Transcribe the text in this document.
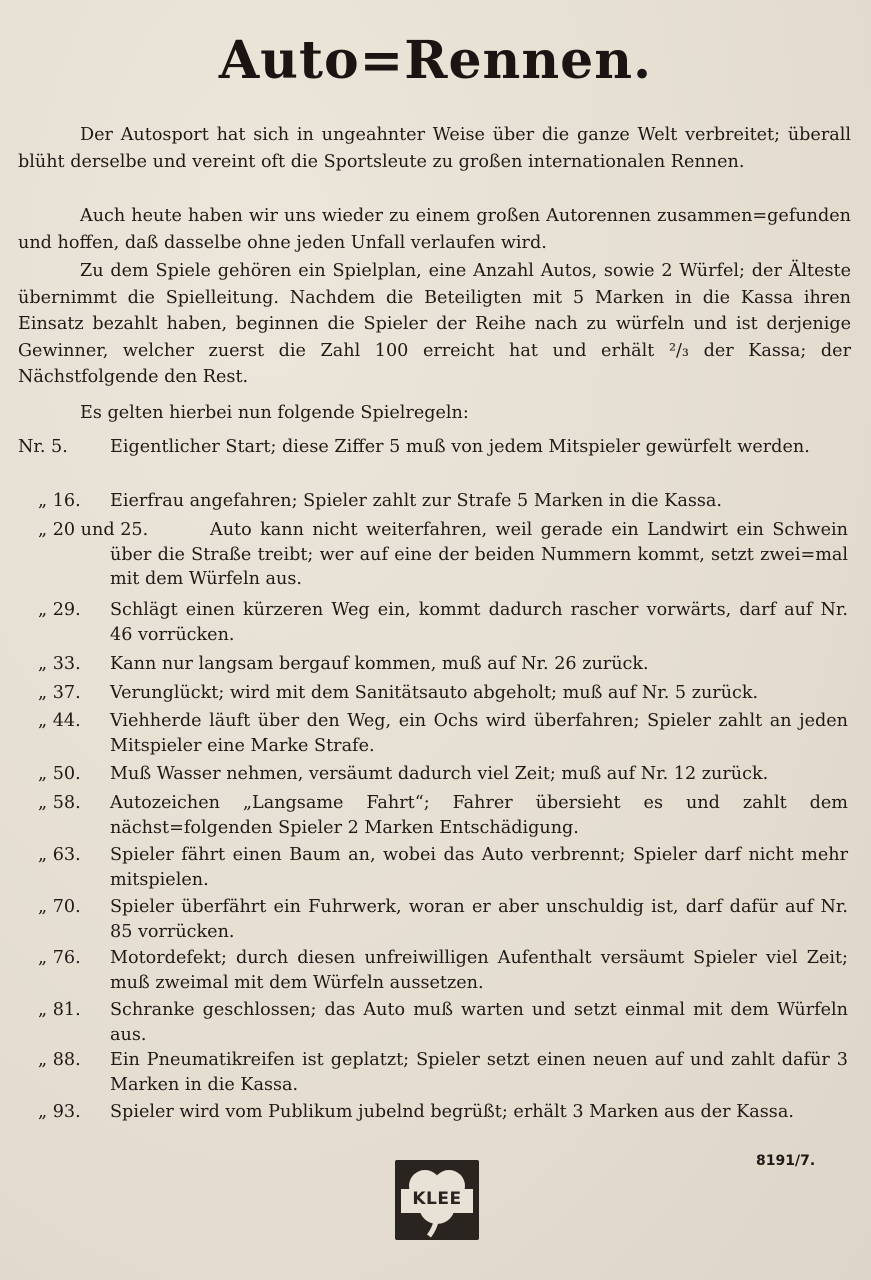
Auto=Rennen.
Der Autosport hat sich in ungeahnter Weise über die ganze Welt verbreitet; überall blüht derselbe und vereint oft die Sportsleute zu großen internationalen Rennen.
Auch heute haben wir uns wieder zu einem großen Autorennen zusammen=gefunden und hoffen, daß dasselbe ohne jeden Unfall verlaufen wird.
Zu dem Spiele gehören ein Spielplan, eine Anzahl Autos, sowie 2 Würfel; der Älteste übernimmt die Spielleitung. Nachdem die Beteiligten mit 5 Marken in die Kassa ihren Einsatz bezahlt haben, beginnen die Spieler der Reihe nach zu würfeln und ist derjenige Gewinner, welcher zuerst die Zahl 100 erreicht hat und erhält ²/₃ der Kassa; der Nächstfolgende den Rest.
Es gelten hierbei nun folgende Spielregeln:
Nr. 5. Eigentlicher Start; diese Ziffer 5 muß von jedem Mitspieler gewürfelt werden.
„ 16. Eierfrau angefahren; Spieler zahlt zur Strafe 5 Marken in die Kassa.
„ 20 und 25.	Auto kann nicht weiterfahren, weil gerade ein Landwirt ein Schwein über die Straße treibt; wer auf eine der beiden Nummern kommt, setzt zwei=mal mit dem Würfeln aus.
„ 29. Schlägt einen kürzeren Weg ein, kommt dadurch rascher vorwärts, darf auf Nr. 46 vorrücken.
„ 33. Kann nur langsam bergauf kommen, muß auf Nr. 26 zurück.
„ 37. Verunglückt; wird mit dem Sanitätsauto abgeholt; muß auf Nr. 5 zurück.
„ 44. Viehherde läuft über den Weg, ein Ochs wird überfahren; Spieler zahlt an jeden Mitspieler eine Marke Strafe.
„ 50. Muß Wasser nehmen, versäumt dadurch viel Zeit; muß auf Nr. 12 zurück.
„ 58. Autozeichen „Langsame Fahrt“; Fahrer übersieht es und zahlt dem nächst=folgenden Spieler 2 Marken Entschädigung.
„ 63. Spieler fährt einen Baum an, wobei das Auto verbrennt; Spieler darf nicht mehr mitspielen.
„ 70. Spieler überfährt ein Fuhrwerk, woran er aber unschuldig ist, darf dafür auf Nr. 85 vorrücken.
„ 76. Motordefekt; durch diesen unfreiwilligen Aufenthalt versäumt Spieler viel Zeit; muß zweimal mit dem Würfeln aussetzen.
„ 81. Schranke geschlossen; das Auto muß warten und setzt einmal mit dem Würfeln aus.
„ 88. Ein Pneumatikreifen ist geplatzt; Spieler setzt einen neuen auf und zahlt dafür 3 Marken in die Kassa.
„ 93. Spieler wird vom Publikum jubelnd begrüßt; erhält 3 Marken aus der Kassa.
8191/7.
KLEE
